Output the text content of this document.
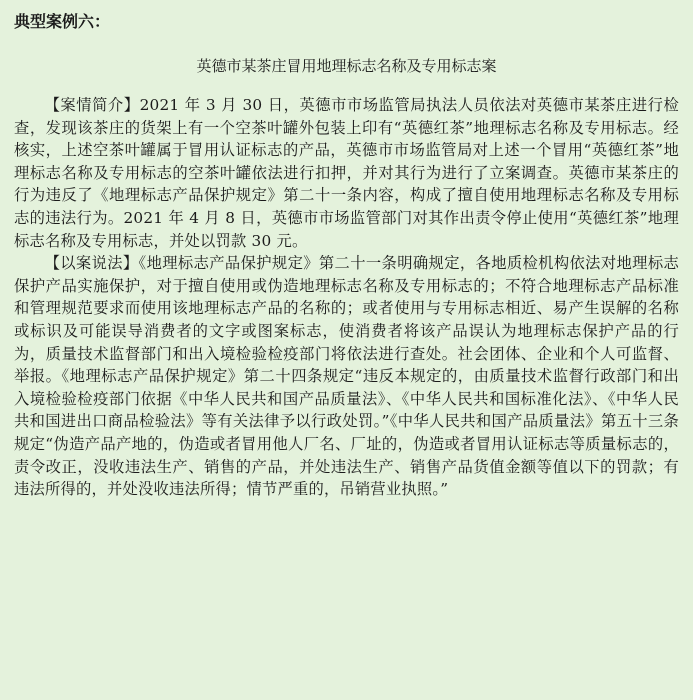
典型案例六：
英德市某茶庄冒用地理标志名称及专用标志案

【案情简介】2021 年 3 月 30 日，英德市市场监管局执法人员依法对英德市某茶庄进行检查，发现该茶庄的货架上有一个空茶叶罐外包装上印有“英德红茶”地理标志名称及专用标志。经核实，上述空茶叶罐属于冒用认证标志的产品，英德市市场监管局对上述一个冒用“英德红茶”地理标志名称及专用标志的空茶叶罐依法进行扣押，并对其行为进行了立案调查。英德市某茶庄的行为违反了《地理标志产品保护规定》第二十一条内容，构成了擅自使用地理标志名称及专用标志的违法行为。2021 年 4 月 8 日，英德市市场监管部门对其作出责令停止使用“英德红茶”地理标志名称及专用标志，并处以罚款 30 元。

【以案说法】《地理标志产品保护规定》第二十一条明确规定，各地质检机构依法对地理标志保护产品实施保护，对于擅自使用或伪造地理标志名称及专用标志的；不符合地理标志产品标准和管理规范要求而使用该地理标志产品的名称的；或者使用与专用标志相近、易产生误解的名称或标识及可能误导消费者的文字或图案标志，使消费者将该产品误认为地理标志保护产品的行为，质量技术监督部门和出入境检验检疫部门将依法进行查处。社会团体、企业和个人可监督、举报。《地理标志产品保护规定》第二十四条规定“违反本规定的，由质量技术监督行政部门和出入境检验检疫部门依据《中华人民共和国产品质量法》、《中华人民共和国标准化法》、《中华人民共和国进出口商品检验法》等有关法律予以行政处罚。”《中华人民共和国产品质量法》第五十三条规定“伪造产品产地的，伪造或者冒用他人厂名、厂址的，伪造或者冒用认证标志等质量标志的，责令改正，没收违法生产、销售的产品，并处违法生产、销售产品货值金额等值以下的罚款；有违法所得的，并处没收违法所得；情节严重的，吊销营业执照。”
